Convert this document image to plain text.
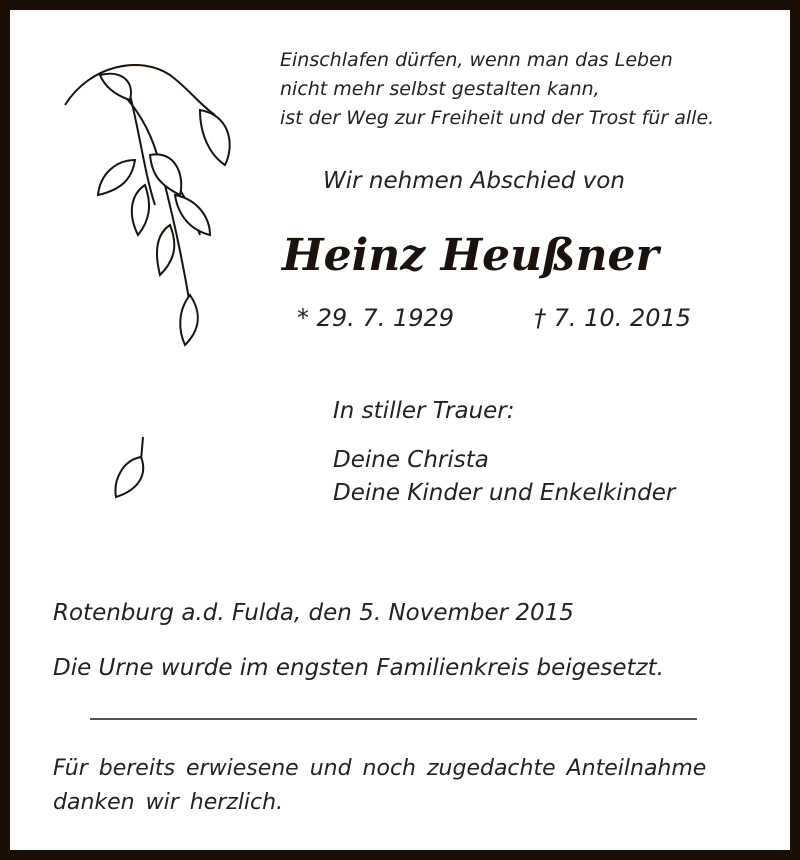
Einschlafen dürfen, wenn man das Leben
nicht mehr selbst gestalten kann,
ist der Weg zur Freiheit und der Trost für alle.
Wir nehmen Abschied von
Heinz Heußner
* 29. 7. 1929	† 7. 10. 2015
In stiller Trauer:
Deine Christa
Deine Kinder und Enkelkinder
Rotenburg a.d. Fulda, den 5. November 2015
Die Urne wurde im engsten Familienkreis beigesetzt.
Für bereits erwiesene und noch zugedachte Anteilnahme
danken wir herzlich.
